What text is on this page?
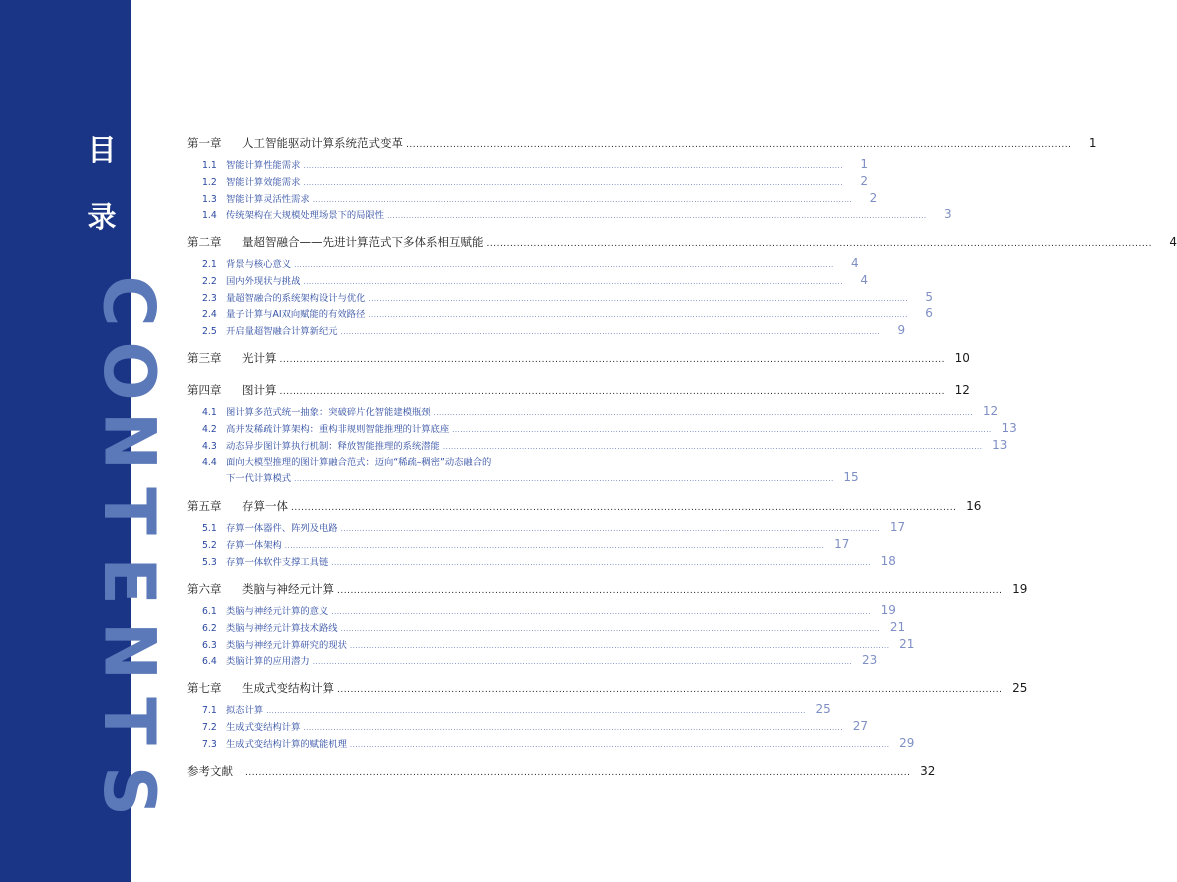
C
O
N
T
E
N
T
S
目
录
第一章	人工智能驱动计算系统范式变革 ......................................................................................................................................................................................................	1
1.1 智能计算性能需求 ......................................................................................................................................................................................................	1
1.2 智能计算效能需求 ......................................................................................................................................................................................................	2
1.3 智能计算灵活性需求 ......................................................................................................................................................................................................	2
1.4 传统架构在大规模处理场景下的局限性 ......................................................................................................................................................................................................	3
第二章	量超智融合——先进计算范式下多体系相互赋能 ......................................................................................................................................................................................................	4
2.1 背景与核心意义 ......................................................................................................................................................................................................	4
2.2 国内外现状与挑战 ......................................................................................................................................................................................................	4
2.3 量超智融合的系统架构设计与优化 ......................................................................................................................................................................................................	5
2.4 量子计算与AI双向赋能的有效路径 ......................................................................................................................................................................................................	6
2.5 开启量超智融合计算新纪元 ......................................................................................................................................................................................................	9
第三章	光计算 ...................................................................................................................................................................................................... 10
第四章	图计算 ...................................................................................................................................................................................................... 12
4.1 图计算多范式统一抽象：突破碎片化智能建模瓶颈 ...................................................................................................................................................................................................... 12
4.2 高并发稀疏计算架构：重构非规则智能推理的计算底座 ...................................................................................................................................................................................................... 13
4.3 动态异步图计算执行机制：释放智能推理的系统潜能 ...................................................................................................................................................................................................... 13
4.4 面向大模型推理的图计算融合范式：迈向“稀疏–稠密”动态融合的
下一代计算模式 ...................................................................................................................................................................................................... 15
第五章	存算一体 ...................................................................................................................................................................................................... 16
5.1 存算一体器件、阵列及电路 ...................................................................................................................................................................................................... 17
5.2 存算一体架构 ...................................................................................................................................................................................................... 17
5.3 存算一体软件支撑工具链 ...................................................................................................................................................................................................... 18
第六章	类脑与神经元计算 ...................................................................................................................................................................................................... 19
6.1 类脑与神经元计算的意义 ...................................................................................................................................................................................................... 19
6.2 类脑与神经元计算技术路线 ...................................................................................................................................................................................................... 21
6.3 类脑与神经元计算研究的现状 ...................................................................................................................................................................................................... 21
6.4 类脑计算的应用潜力 ...................................................................................................................................................................................................... 23
第七章	生成式变结构计算 ...................................................................................................................................................................................................... 25
7.1 拟态计算 ...................................................................................................................................................................................................... 25
7.2 生成式变结构计算 ...................................................................................................................................................................................................... 27
7.3 生成式变结构计算的赋能机理 ...................................................................................................................................................................................................... 29
参考文献	...................................................................................................................................................................................................... 32
